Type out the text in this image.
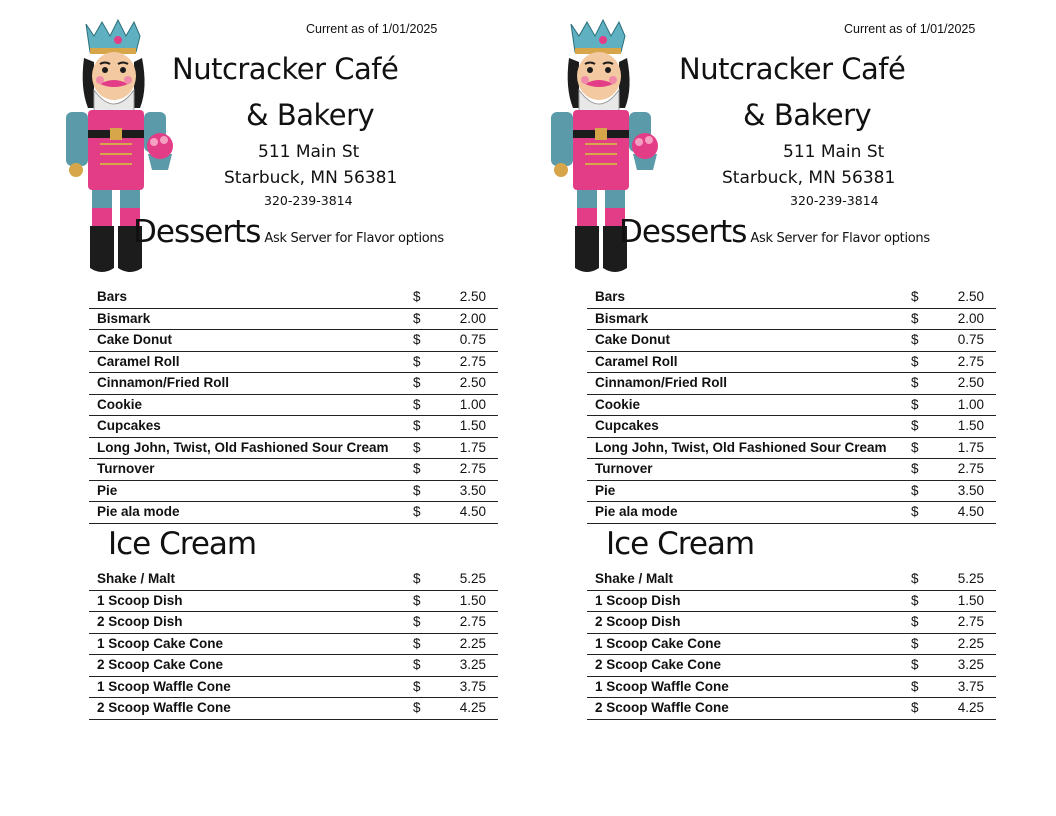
Current as of 1/01/2025
Nutcracker Café
& Bakery
511 Main St
Starbuck, MN 56381
320-239-3814
Desserts Ask Server for Flavor options
Bars	$	2.50
Bismark	$	2.00
Cake Donut	$	0.75
Caramel Roll	$	2.75
Cinnamon/Fried Roll	$	2.50
Cookie	$	1.00
Cupcakes	$	1.50
Long John, Twist, Old Fashioned Sour Cream $	1.75
Turnover	$	2.75
Pie	$	3.50
Pie ala mode	$	4.50
Ice Cream
Shake / Malt	$	5.25
1 Scoop Dish	$	1.50
2 Scoop Dish	$	2.75
1 Scoop Cake Cone	$	2.25
2 Scoop Cake Cone	$	3.25
1 Scoop Waffle Cone	$	3.75
2 Scoop Waffle Cone	$	4.25
Current as of 1/01/2025
Nutcracker Café
& Bakery
511 Main St
Starbuck, MN 56381
320-239-3814
Desserts Ask Server for Flavor options
Bars	$	2.50
Bismark	$	2.00
Cake Donut	$	0.75
Caramel Roll	$	2.75
Cinnamon/Fried Roll	$	2.50
Cookie	$	1.00
Cupcakes	$	1.50
Long John, Twist, Old Fashioned Sour Cream $	1.75
Turnover	$	2.75
Pie	$	3.50
Pie ala mode	$	4.50
Ice Cream
Shake / Malt	$	5.25
1 Scoop Dish	$	1.50
2 Scoop Dish	$	2.75
1 Scoop Cake Cone	$	2.25
2 Scoop Cake Cone	$	3.25
1 Scoop Waffle Cone	$	3.75
2 Scoop Waffle Cone	$	4.25
